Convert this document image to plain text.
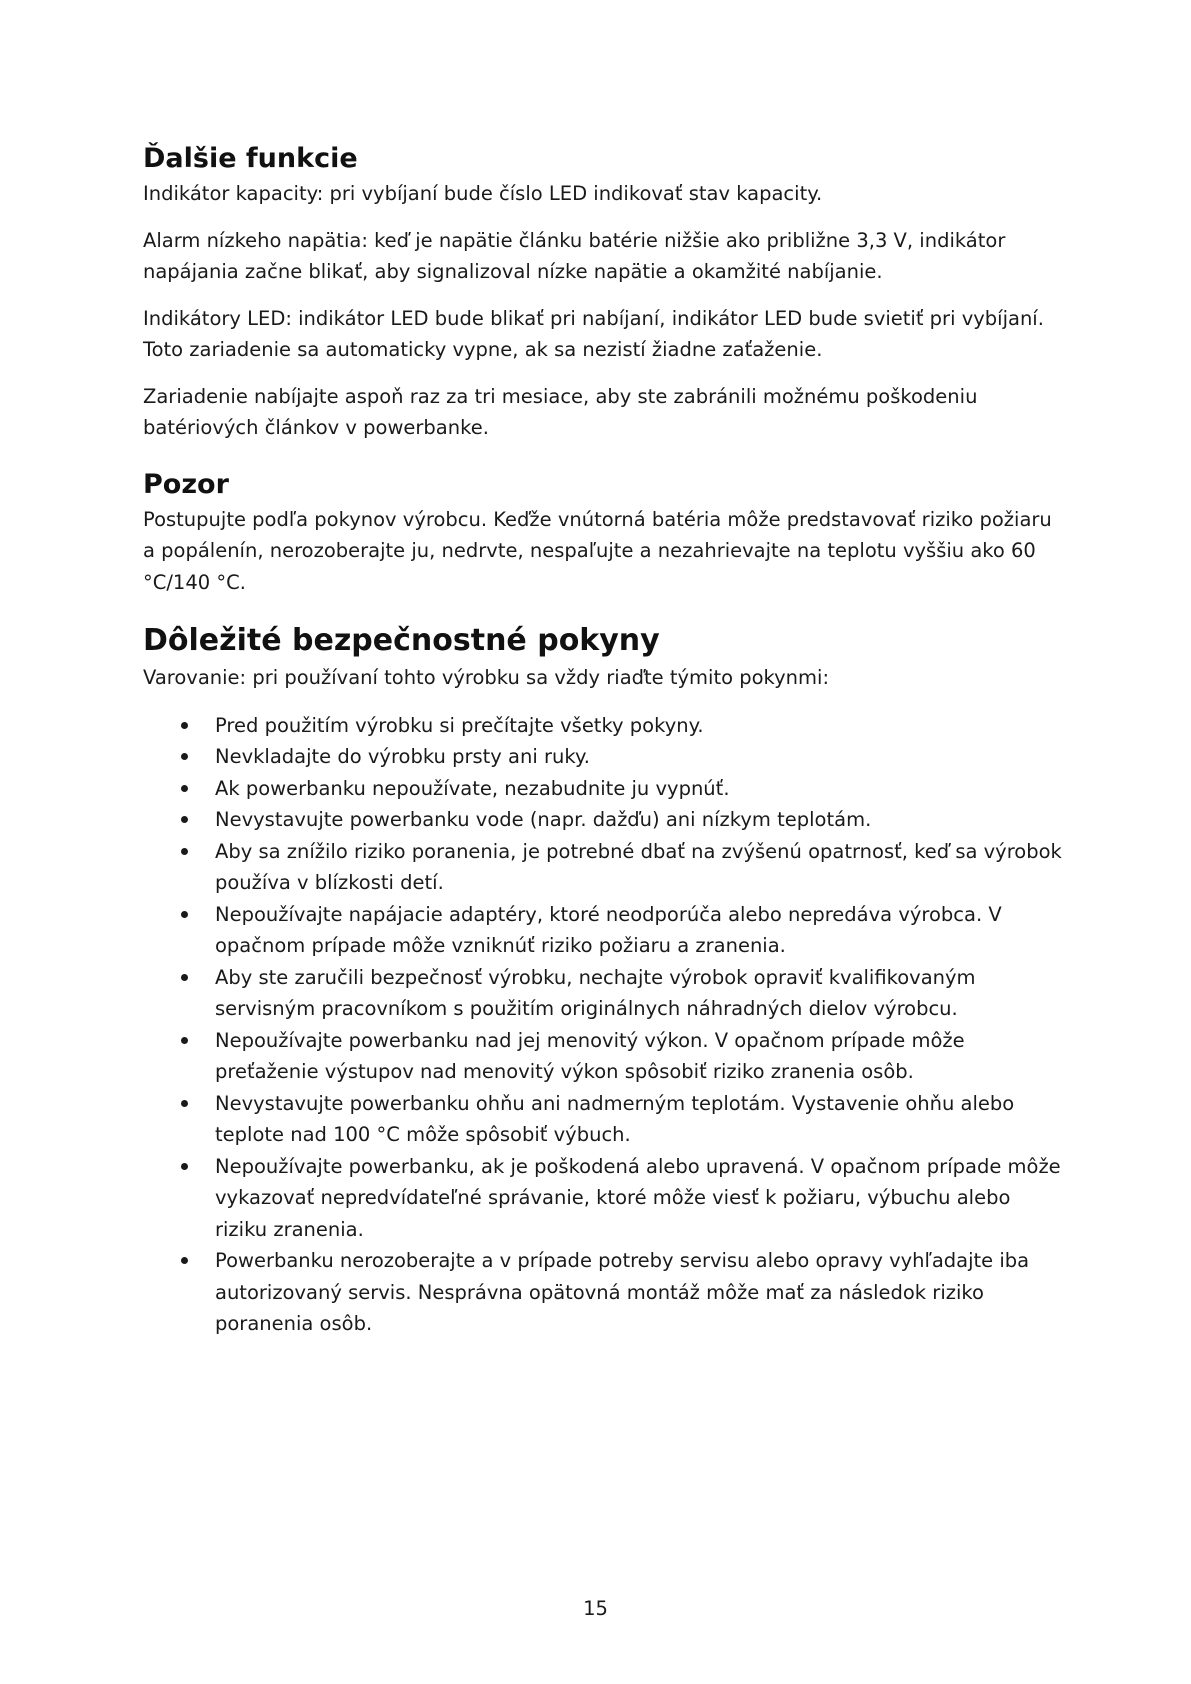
Ďalšie funkcie

Indikátor kapacity: pri vybíjaní bude číslo LED indikovať stav kapacity.

Alarm nízkeho napätia: keď je napätie článku batérie nižšie ako približne 3,3 V, indikátor napájania začne blikať, aby signalizoval nízke napätie a okamžité nabíjanie.

Indikátory LED: indikátor LED bude blikať pri nabíjaní, indikátor LED bude svietiť pri vybíjaní. Toto zariadenie sa automaticky vypne, ak sa nezistí žiadne zaťaženie.

Zariadenie nabíjajte aspoň raz za tri mesiace, aby ste zabránili možnému poškodeniu batériových článkov v powerbanke.

Pozor

Postupujte podľa pokynov výrobcu. Keďže vnútorná batéria môže predstavovať riziko požiaru a popálenín, nerozoberajte ju, nedrvte, nespaľujte a nezahrievajte na teplotu vyššiu ako 60 °C/140 °C.

Dôležité bezpečnostné pokyny

Varovanie: pri používaní tohto výrobku sa vždy riaďte týmito pokynmi:

Pred použitím výrobku si prečítajte všetky pokyny.
Nevkladajte do výrobku prsty ani ruky.
Ak powerbanku nepoužívate, nezabudnite ju vypnúť.
Nevystavujte powerbanku vode (napr. dažďu) ani nízkym teplotám.
Aby sa znížilo riziko poranenia, je potrebné dbať na zvýšenú opatrnosť, keď sa výrobok používa v blízkosti detí.
Nepoužívajte napájacie adaptéry, ktoré neodporúča alebo nepredáva výrobca. V opačnom prípade môže vzniknúť riziko požiaru a zranenia.
Aby ste zaručili bezpečnosť výrobku, nechajte výrobok opraviť kvalifikovaným servisným pracovníkom s použitím originálnych náhradných dielov výrobcu.
Nepoužívajte powerbanku nad jej menovitý výkon. V opačnom prípade môže preťaženie výstupov nad menovitý výkon spôsobiť riziko zranenia osôb.
Nevystavujte powerbanku ohňu ani nadmerným teplotám. Vystavenie ohňu alebo teplote nad 100 °C môže spôsobiť výbuch.
Nepoužívajte powerbanku, ak je poškodená alebo upravená. V opačnom prípade môže vykazovať nepredvídateľné správanie, ktoré môže viesť k požiaru, výbuchu alebo riziku zranenia.
Powerbanku nerozoberajte a v prípade potreby servisu alebo opravy vyhľadajte iba autorizovaný servis. Nesprávna opätovná montáž môže mať za následok riziko poranenia osôb.
15
